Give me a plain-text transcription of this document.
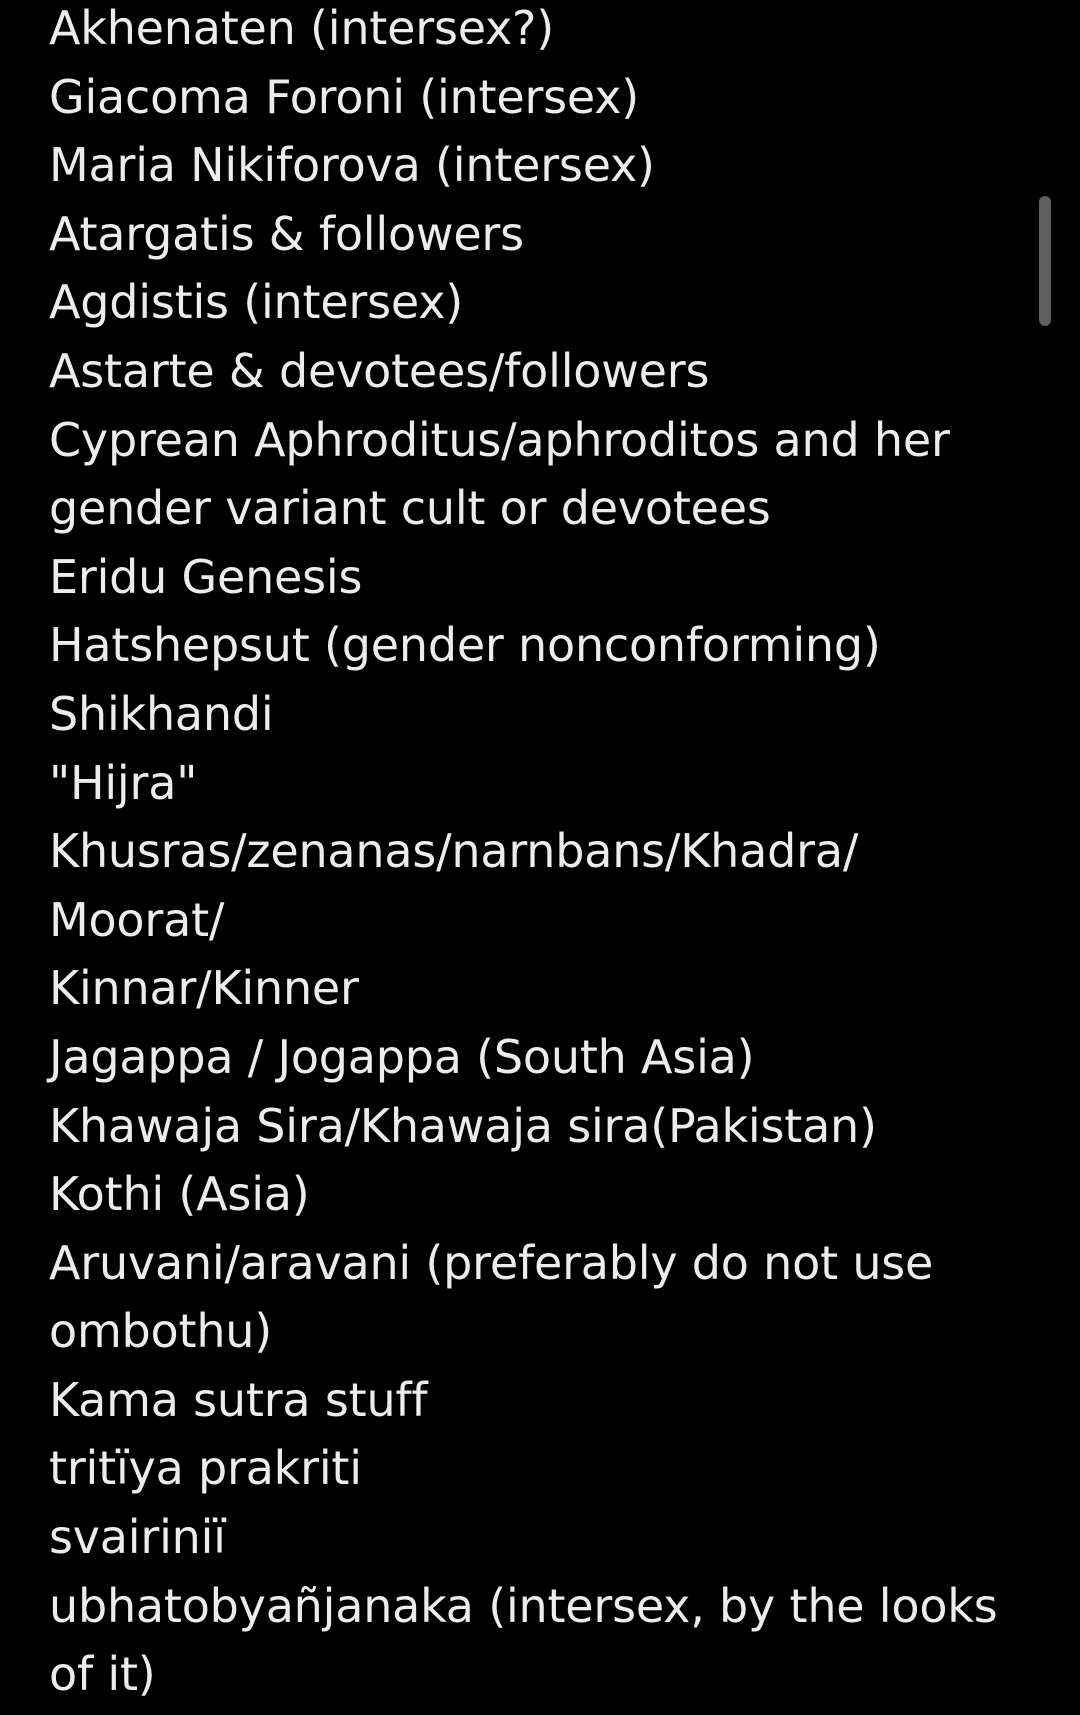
Akhenaten (intersex?)
Giacoma Foroni (intersex)
Maria Nikiforova (intersex)
Atargatis & followers
Agdistis (intersex)
Astarte & devotees/followers
Cyprean Aphroditus/aphroditos and her
gender variant cult or devotees
Eridu Genesis
Hatshepsut (gender nonconforming)
Shikhandi
"Hijra"
Khusras/zenanas/narnbans/Khadra/
Moorat/
Kinnar/Kinner
Jagappa / Jogappa (South Asia)
Khawaja Sira/Khawaja sira(Pakistan)
Kothi (Asia)
Aruvani/aravani (preferably do not use
ombothu)
Kama sutra stuff
tritïya prakriti
svairiniï
ubhatobyañjanaka (intersex, by the looks
of it)
